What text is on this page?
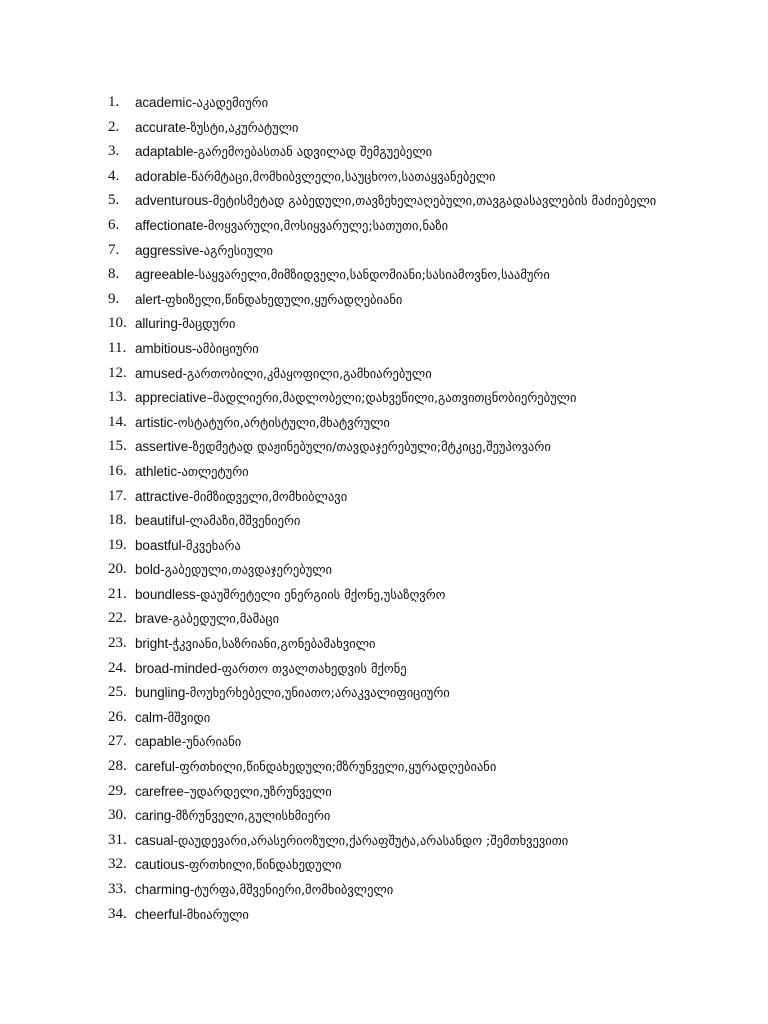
1.	academic-აკადემიური
2.	accurate-ზუსტი,აკურატული
3.	adaptable-გარემოებასთან ადვილად შემგუებელი
4.	adorable-წარმტაცი,მომხიბვლელი,საუცხოო,სათაყვანებელი
5.	adventurous-მეტისმეტად გაბედული,თავზეხელაღებული,თავგადასავლების მაძიებელი
6.	affectionate-მოყვარული,მოსიყვარულე;სათუთი,ნაზი
7.	aggressive-აგრესიული
8.	agreeable-საყვარელი,მიმზიდველი,სანდომიანი;სასიამოვნო,საამური
9.	alert-ფხიზელი,წინდახედული,ყურადღებიანი
10. alluring-მაცდური
11. ambitious-ამბიციური
12. amused-გართობილი,კმაყოფილი,გამხიარებული
13. appreciative–მადლიერი,მადლობელი;დახვეწილი,გათვითცნობიერებული
14. artistic-ოსტატური,არტისტული,მხატვრული
15. assertive-ზედმეტად დაჟინებული/თავდაჯერებული;მტკიცე,შეუპოვარი
16. athletic-ათლეტური
17. attractive-მიმზიდველი,მომხიბლავი
18. beautiful-ლამაზი,მშვენიერი
19. boastful-მკვეხარა
20. bold-გაბედული,თავდაჯერებული
21. boundless-დაუშრეტელი ენერგიის მქონე,უსაზღვრო
22. brave-გაბედული,მამაცი
23. bright-ჭკვიანი,საზრიანი,გონებამახვილი
24. broad-minded-ფართო თვალთახედვის მქონე
25. bungling-მოუხერხებელი,უნიათო;არაკვალიფიციური
26. calm-მშვიდი
27. capable-უნარიანი
28. careful-ფრთხილი,წინდახედული;მზრუნველი,ყურადღებიანი
29. carefree–უდარდელი,უზრუნველი
30. caring-მზრუნველი,გულისხმიერი
31. casual-დაუდევარი,არასერიოზული,ქარაფშუტა,არასანდო ;შემთხვევითი
32. cautious-ფრთხილი,წინდახედული
33. charming-ტურფა,მშვენიერი,მომხიბვლელი
34. cheerful-მხიარული
